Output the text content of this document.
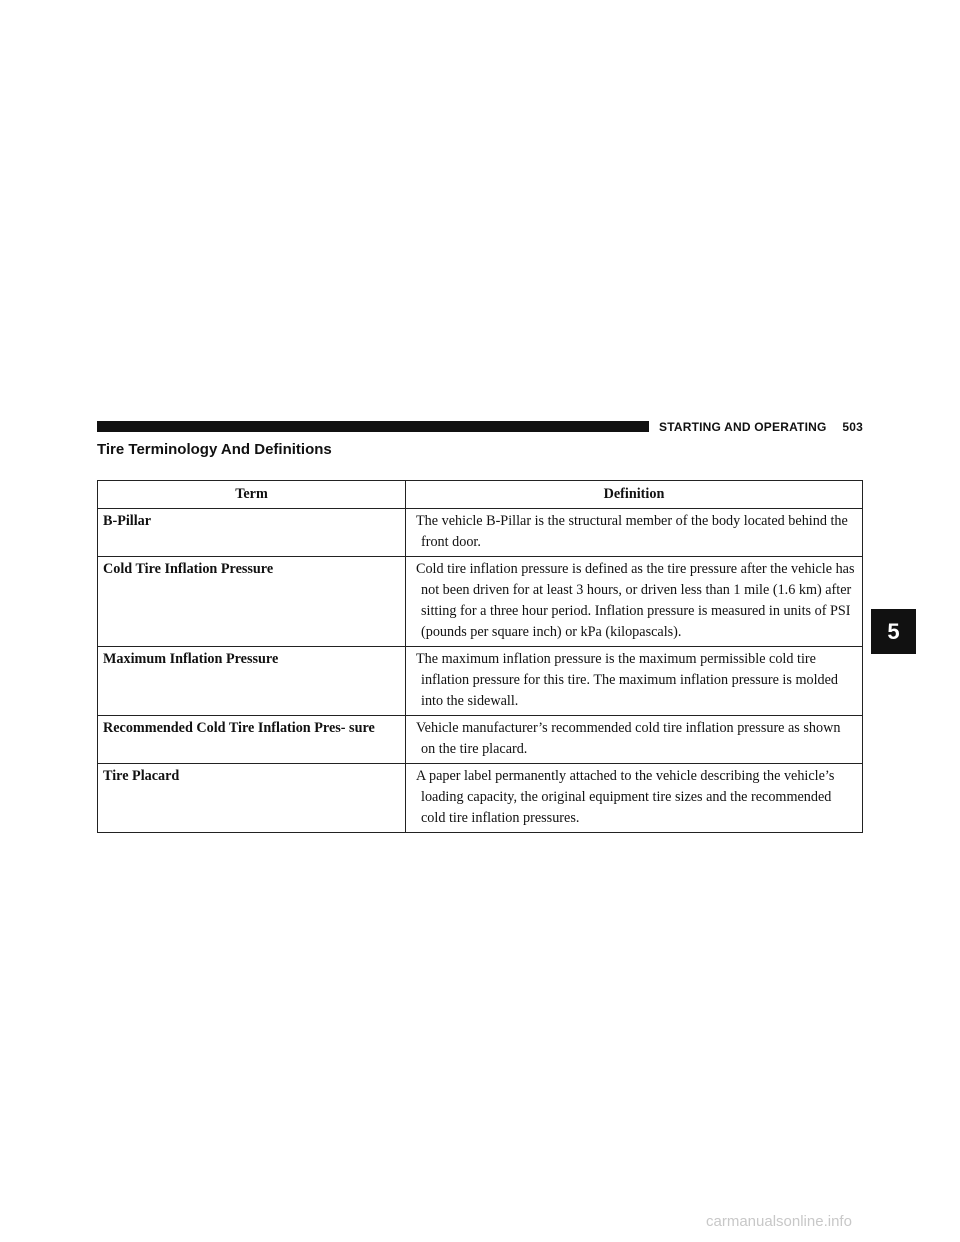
STARTING AND OPERATING 503
Tire Terminology And Definitions
Term	Definition
B-Pillar	The vehicle B-Pillar is the structural member of the body located behind the front door.

Cold Tire Inflation Pressure	Cold tire inflation pressure is defined as the tire pressure after the vehicle has not been driven for at least 3 hours, or driven less than 1 mile (1.6 km) after sitting for a three hour period. Inflation pressure is measured in units of PSI (pounds per square inch) or kPa (kilopascals).

Maximum Inflation Pressure	The maximum inflation pressure is the maximum permissible cold tire inflation pressure for this tire. The maximum inflation pressure is molded into the sidewall.

Recommended Cold Tire Inflation Pres- sure	Vehicle manufacturer’s recommended cold tire inflation pressure as shown on the tire placard.

Tire Placard	A paper label permanently attached to the vehicle describing the vehicle’s loading capacity, the original equipment tire sizes and the recommended cold tire inflation pressures.
5
carmanualsonline.info
